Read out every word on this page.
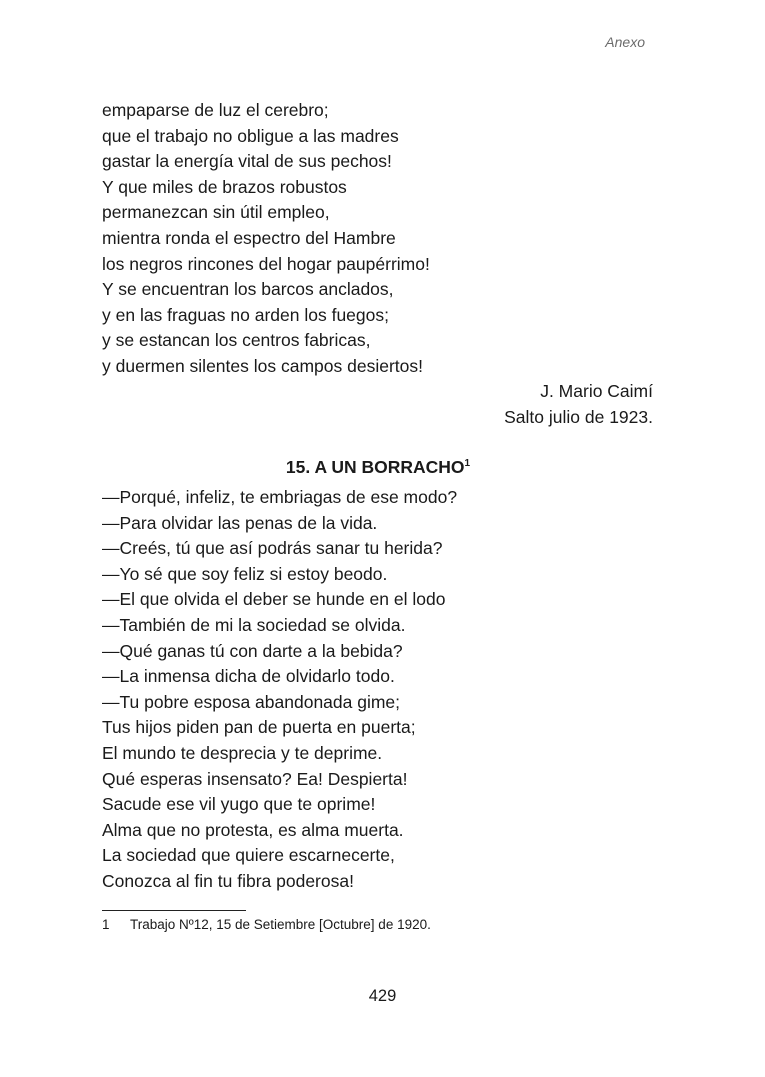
Anexo
empaparse de luz el cerebro;
que el trabajo no obligue a las madres
gastar la energía vital de sus pechos!
Y que miles de brazos robustos
permanezcan sin útil empleo,
mientra ronda el espectro del Hambre
los negros rincones del hogar paupérrimo!
Y se encuentran los barcos anclados,
y en las fraguas no arden los fuegos;
y se estancan los centros fabricas,
y duermen silentes los campos desiertos!
J. Mario Caimí
Salto julio de 1923.
15. A UN BORRACHO$^1$
—Porqué, infeliz, te embriagas de ese modo?
—Para olvidar las penas de la vida.
—Creés, tú que así podrás sanar tu herida?
—Yo sé que soy feliz si estoy beodo.
—El que olvida el deber se hunde en el lodo
—También de mi la sociedad se olvida.
—Qué ganas tú con darte a la bebida?
—La inmensa dicha de olvidarlo todo.
—Tu pobre esposa abandonada gime;
Tus hijos piden pan de puerta en puerta;
El mundo te desprecia y te deprime.
Qué esperas insensato? Ea! Despierta!
Sacude ese vil yugo que te oprime!
Alma que no protesta, es alma muerta.
La sociedad que quiere escarnecerte,
Conozca al fin tu fibra poderosa!
1 Trabajo Nº12, 15 de Setiembre [Octubre] de 1920.
429
